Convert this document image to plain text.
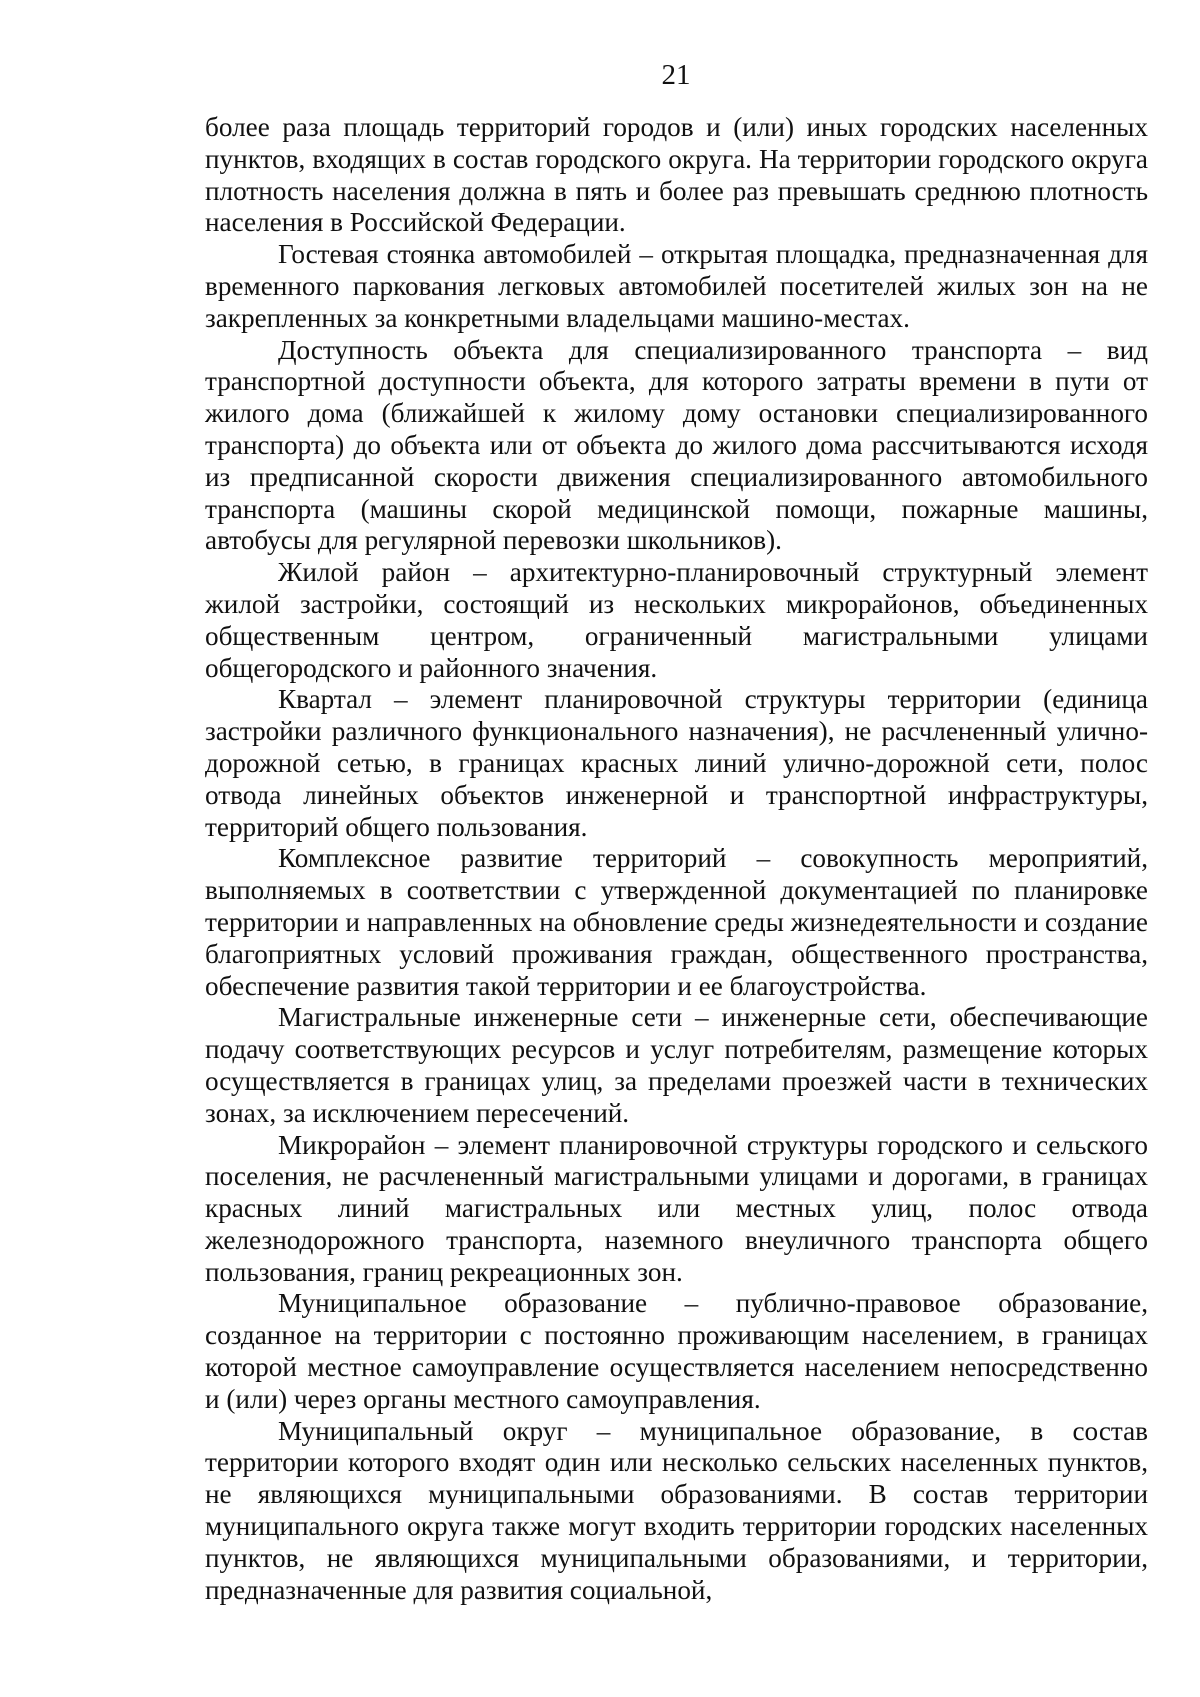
21

более раза площадь территорий городов и (или) иных городских населенных пунктов, входящих в состав городского округа. На территории городского округа плотность населения должна в пять и более раз превышать среднюю плотность населения в Российской Федерации.

Гостевая стоянка автомобилей – открытая площадка, предназначенная для временного паркования легковых автомобилей посетителей жилых зон на не закрепленных за конкретными владельцами машино-местах.

Доступность объекта для специализированного транспорта – вид транспортной доступности объекта, для которого затраты времени в пути от жилого дома (ближайшей к жилому дому остановки специализированного транспорта) до объекта или от объекта до жилого дома рассчитываются исходя из предписанной скорости движения специализированного автомобильного транспорта (машины скорой медицинской помощи, пожарные машины, автобусы для регулярной перевозки школьников).

Жилой район – архитектурно-планировочный структурный элемент жилой застройки, состоящий из нескольких микрорайонов, объединенных общественным центром, ограниченный магистральными улицами общегородского и районного значения.

Квартал – элемент планировочной структуры территории (единица застройки различного функционального назначения), не расчлененный улично-дорожной сетью, в границах красных линий улично-дорожной сети, полос отвода линейных объектов инженерной и транспортной инфраструктуры, территорий общего пользования.

Комплексное развитие территорий – совокупность мероприятий, выполняемых в соответствии с утвержденной документацией по планировке территории и направленных на обновление среды жизнедеятельности и создание благоприятных условий проживания граждан, общественного пространства, обеспечение развития такой территории и ее благоустройства.

Магистральные инженерные сети – инженерные сети, обеспечивающие подачу соответствующих ресурсов и услуг потребителям, размещение которых осуществляется в границах улиц, за пределами проезжей части в технических зонах, за исключением пересечений.

Микрорайон – элемент планировочной структуры городского и сельского поселения, не расчлененный магистральными улицами и дорогами, в границах красных линий магистральных или местных улиц, полос отвода железнодорожного транспорта, наземного внеуличного транспорта общего пользования, границ рекреационных зон.

Муниципальное образование – публично-правовое образование, созданное на территории с постоянно проживающим населением, в границах которой местное самоуправление осуществляется населением непосредственно и (или) через органы местного самоуправления.

Муниципальный округ – муниципальное образование, в состав территории которого входят один или несколько сельских населенных пунктов, не являющихся муниципальными образованиями. В состав территории муниципального округа также могут входить территории городских населенных пунктов, не являющихся муниципальными образованиями, и территории, предназначенные для развития социальной,
